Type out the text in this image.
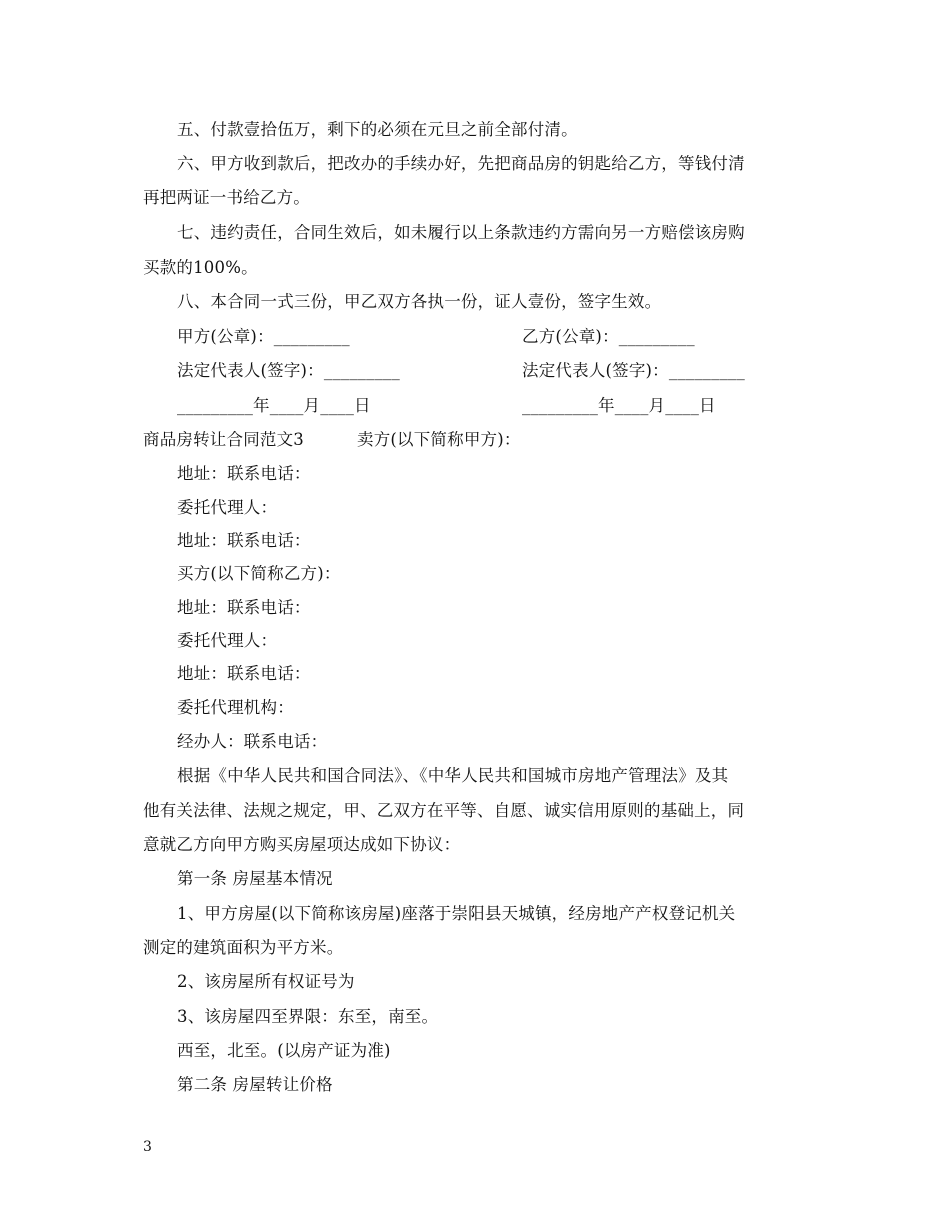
五、付款壹拾伍万，剩下的必须在元旦之前全部付清。
六、甲方收到款后，把改办的手续办好，先把商品房的钥匙给乙方，等钱付清
再把两证一书给乙方。
七、违约责任，合同生效后，如未履行以上条款违约方需向另一方赔偿该房购
买款的100%。
八、本合同一式三份，甲乙双方各执一份，证人壹份，签字生效。
甲方(公章)：_________	乙方(公章)：_________
法定代表人(签字)：_________	法定代表人(签字)：_________
_________年____月____日	_________年____月____日
商品房转让合同范文3	卖方(以下简称甲方)：
地址：联系电话：
委托代理人：
地址：联系电话：
买方(以下简称乙方)：
地址：联系电话：
委托代理人：
地址：联系电话：
委托代理机构：
经办人：联系电话：
根据《中华人民共和国合同法》、《中华人民共和国城市房地产管理法》及其
他有关法律、法规之规定，甲、乙双方在平等、自愿、诚实信用原则的基础上，同
意就乙方向甲方购买房屋项达成如下协议：
第一条 房屋基本情况
1、甲方房屋(以下简称该房屋)座落于崇阳县天城镇，经房地产产权登记机关
测定的建筑面积为平方米。
2、该房屋所有权证号为
3、该房屋四至界限：东至，南至。
西至，北至。(以房产证为准)
第二条 房屋转让价格
3
